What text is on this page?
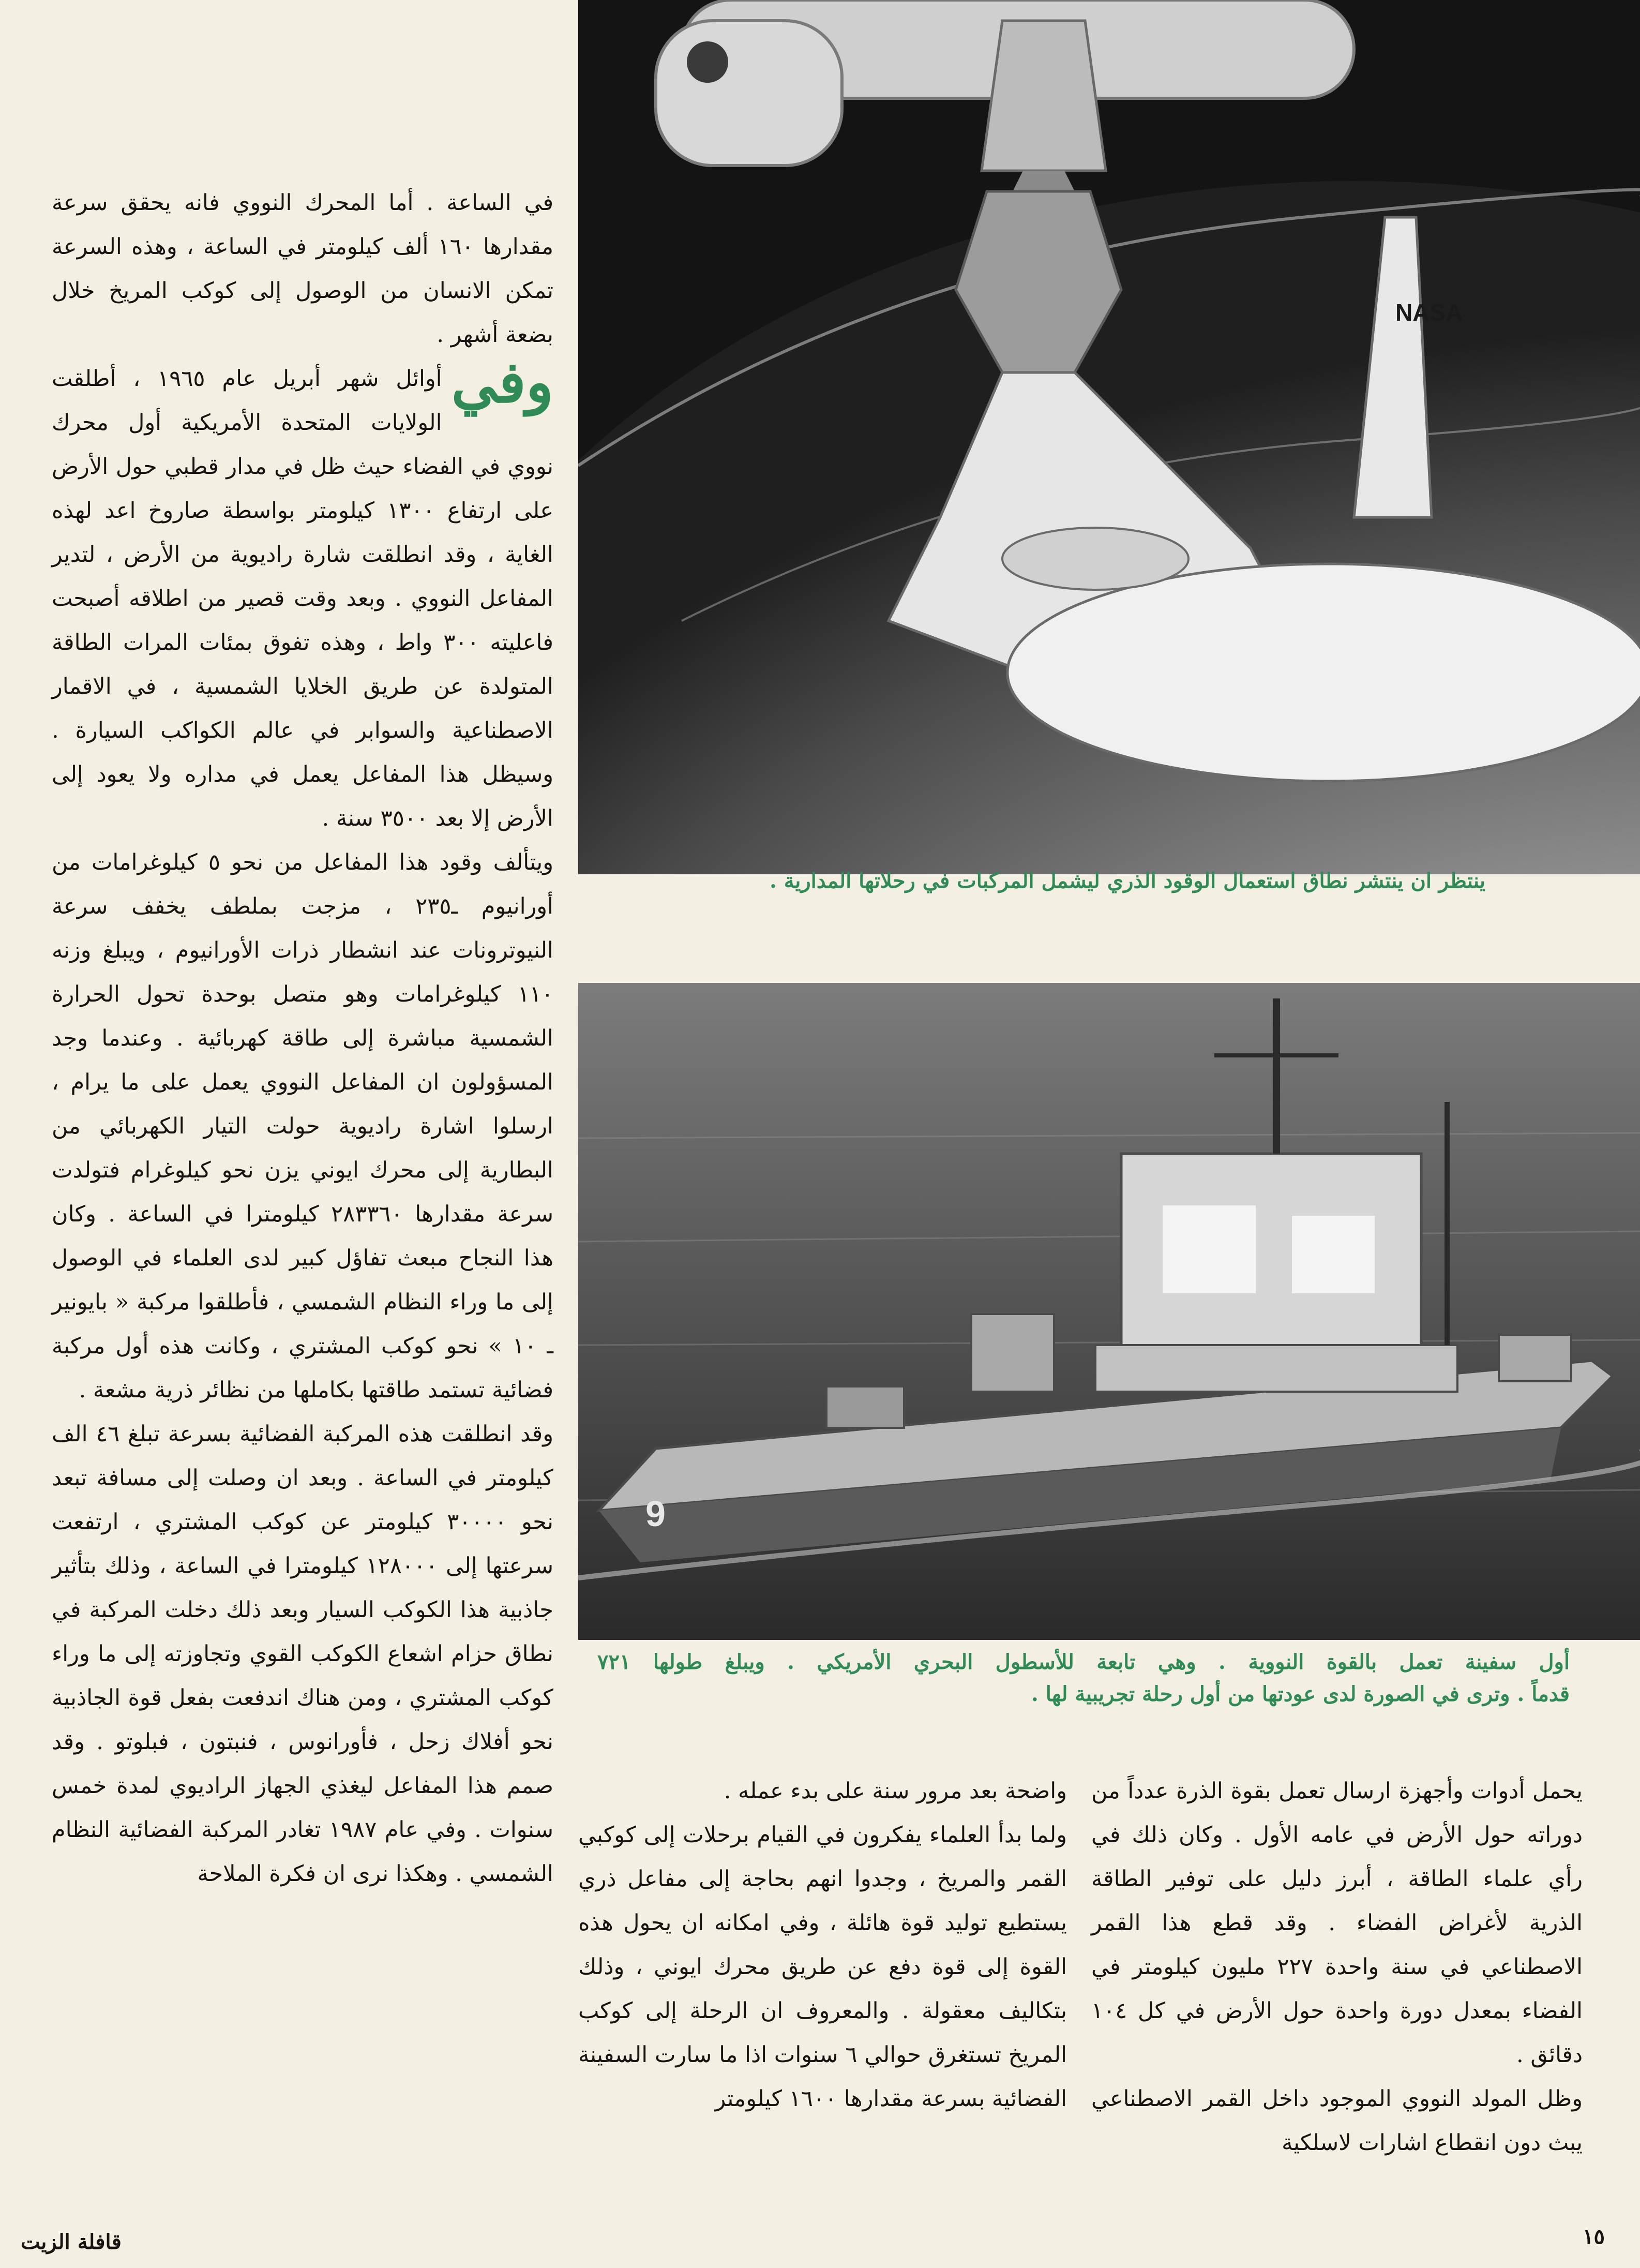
NASA
ينتظر ان ينتشر نطاق استعمال الوقود الذري ليشمل المركبات في رحلاتها المدارية .
9
أول سفينة تعمل بالقوة النووية . وهي تابعة للأسطول البحري الأمريكي . ويبلغ طولها ٧٢١
قدماً . وترى في الصورة لدى عودتها من أول رحلة تجريبية لها .

في الساعة . أما المحرك النووي فانه يحقق سرعة مقدارها ١٦٠ ألف كيلومتر في الساعة ، وهذه السرعة تمكن الانسان من الوصول إلى كوكب المريخ خلال بضعة أشهر .

وفي
أوائل شهر أبريل عام ١٩٦٥ ، أطلقت الولايات المتحدة الأمريكية أول محرك نووي في الفضاء حيث ظل في مدار قطبي حول الأرض على ارتفاع ١٣٠٠ كيلومتر بواسطة صاروخ اعد لهذه الغاية ، وقد انطلقت شارة راديوية من الأرض ، لتدير المفاعل النووي . وبعد وقت قصير من اطلاقه أصبحت فاعليته ٣٠٠ واط ، وهذه تفوق بمئات المرات الطاقة المتولدة عن طريق الخلايا الشمسية ، في الاقمار الاصطناعية والسوابر في عالم الكواكب السيارة . وسيظل هذا المفاعل يعمل في مداره ولا يعود إلى الأرض إلا بعد ٣٥٠٠ سنة .

ويتألف وقود هذا المفاعل من نحو ٥ كيلوغرامات من أورانيوم ـ٢٣٥ ، مزجت بملطف يخفف سرعة النيوترونات عند انشطار ذرات الأورانيوم ، ويبلغ وزنه ١١٠ كيلوغرامات وهو متصل بوحدة تحول الحرارة الشمسية مباشرة إلى طاقة كهربائية . وعندما وجد المسؤولون ان المفاعل النووي يعمل على ما يرام ، ارسلوا اشارة راديوية حولت التيار الكهربائي من البطارية إلى محرك ايوني يزن نحو كيلوغرام فتولدت سرعة مقدارها ٢٨٣٣٦٠ كيلومترا في الساعة . وكان هذا النجاح مبعث تفاؤل كبير لدى العلماء في الوصول إلى ما وراء النظام الشمسي ، فأطلقوا مركبة « بايونير ـ ١٠ » نحو كوكب المشتري ، وكانت هذه أول مركبة فضائية تستمد طاقتها بكاملها من نظائر ذرية مشعة .

وقد انطلقت هذه المركبة الفضائية بسرعة تبلغ ٤٦ الف كيلومتر في الساعة . وبعد ان وصلت إلى مسافة تبعد نحو ٣٠٠٠٠ كيلومتر عن كوكب المشتري ، ارتفعت سرعتها إلى ١٢٨٠٠٠ كيلومترا في الساعة ، وذلك بتأثير جاذبية هذا الكوكب السيار وبعد ذلك دخلت المركبة في نطاق حزام اشعاع الكوكب القوي وتجاوزته إلى ما وراء كوكب المشتري ، ومن هناك اندفعت بفعل قوة الجاذبية نحو أفلاك زحل ، فأورانوس ، فنبتون ، فبلوتو . وقد صمم هذا المفاعل ليغذي الجهاز الراديوي لمدة خمس سنوات . وفي عام ١٩٨٧ تغادر المركبة الفضائية النظام الشمسي . وهكذا نرى ان فكرة الملاحة

واضحة بعد مرور سنة على بدء عمله .

ولما بدأ العلماء يفكرون في القيام برحلات إلى كوكبي القمر والمريخ ، وجدوا انهم بحاجة إلى مفاعل ذري يستطيع توليد قوة هائلة ، وفي امكانه ان يحول هذه القوة إلى قوة دفع عن طريق محرك ايوني ، وذلك بتكاليف معقولة . والمعروف ان الرحلة إلى كوكب المريخ تستغرق حوالي ٦ سنوات اذا ما سارت السفينة الفضائية بسرعة مقدارها ١٦٠٠ كيلومتر

يحمل أدوات وأجهزة ارسال تعمل بقوة الذرة عدداً من دوراته حول الأرض في عامه الأول . وكان ذلك في رأي علماء الطاقة ، أبرز دليل على توفير الطاقة الذرية لأغراض الفضاء . وقد قطع هذا القمر الاصطناعي في سنة واحدة ٢٢٧ مليون كيلومتر في الفضاء بمعدل دورة واحدة حول الأرض في كل ١٠٤ دقائق .

وظل المولد النووي الموجود داخل القمر الاصطناعي يبث دون انقطاع اشارات لاسلكية

١٥
قافلة الزيت
